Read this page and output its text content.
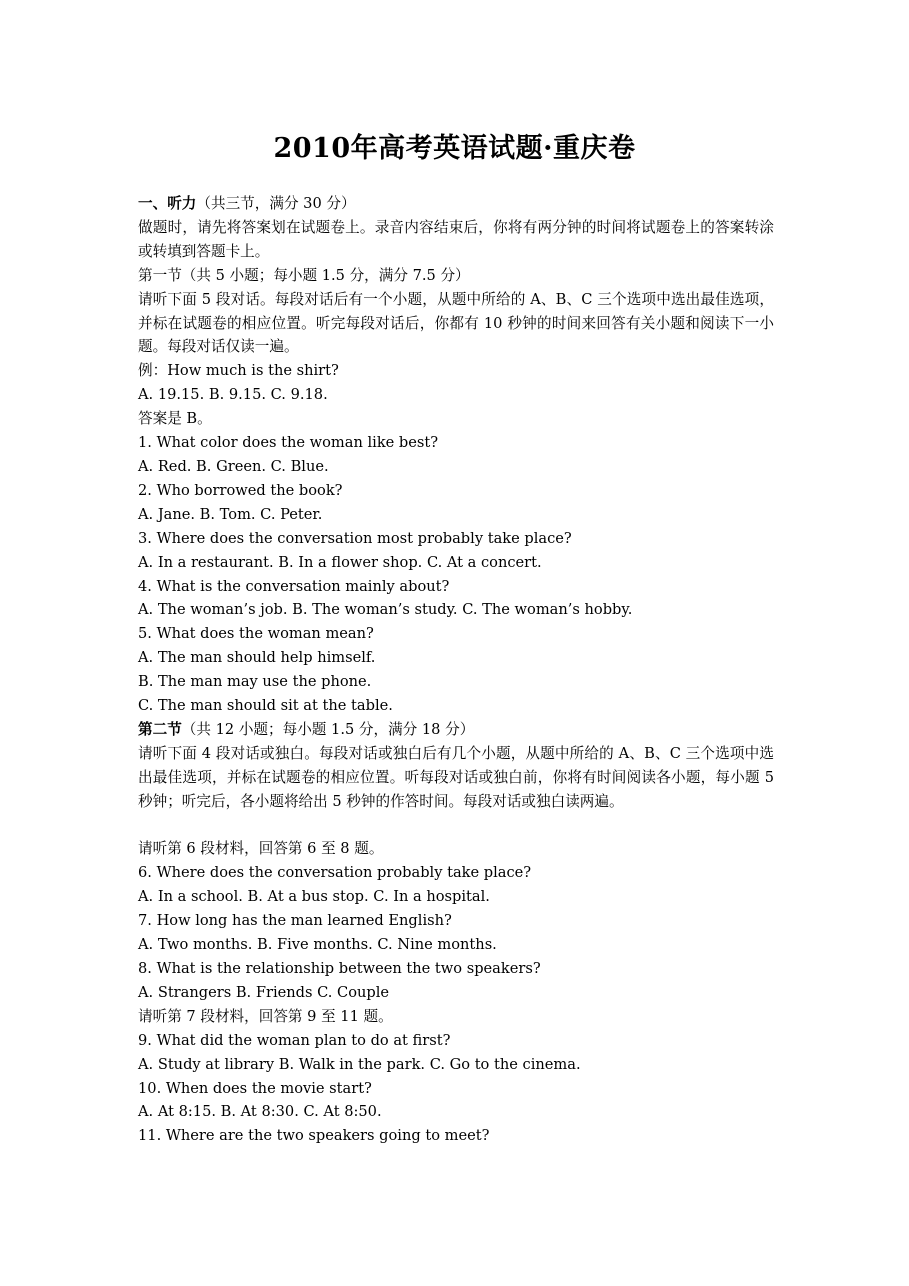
2010年高考英语试题·重庆卷
一、听力（共三节，满分 30 分）
做题时，请先将答案划在试题卷上。录音内容结束后，你将有两分钟的时间将试题卷上的答案转涂或转填到答题卡上。
第一节（共 5 小题；每小题 1.5 分，满分 7.5 分）
请听下面 5 段对话。每段对话后有一个小题，从题中所给的 A、B、C 三个选项中选出最佳选项，并标在试题卷的相应位置。听完每段对话后，你都有 10 秒钟的时间来回答有关小题和阅读下一小题。每段对话仅读一遍。
例：How much is the shirt?
A. 19.15. B. 9.15. C. 9.18.
答案是 B。
1. What color does the woman like best?
A. Red. B. Green. C. Blue.
2. Who borrowed the book?
A. Jane. B. Tom. C. Peter.
3. Where does the conversation most probably take place?
A. In a restaurant. B. In a flower shop. C. At a concert.
4. What is the conversation mainly about?
A. The woman’s job. B. The woman’s study. C. The woman’s hobby.
5. What does the woman mean?
A. The man should help himself.
B. The man may use the phone.
C. The man should sit at the table.
第二节（共 12 小题；每小题 1.5 分，满分 18 分）
请听下面 4 段对话或独白。每段对话或独白后有几个小题，从题中所给的 A、B、C 三个选项中选出最佳选项，并标在试题卷的相应位置。听每段对话或独白前，你将有时间阅读各小题，每小题 5 秒钟；听完后，各小题将给出 5 秒钟的作答时间。每段对话或独白读两遍。
请听第 6 段材料，回答第 6 至 8 题。
6. Where does the conversation probably take place?
A. In a school. B. At a bus stop. C. In a hospital.
7. How long has the man learned English?
A. Two months. B. Five months. C. Nine months.
8. What is the relationship between the two speakers?
A. Strangers B. Friends C. Couple
请听第 7 段材料，回答第 9 至 11 题。
9. What did the woman plan to do at first?
A. Study at library B. Walk in the park. C. Go to the cinema.
10. When does the movie start?
A. At 8:15. B. At 8:30. C. At 8:50.
11. Where are the two speakers going to meet?
